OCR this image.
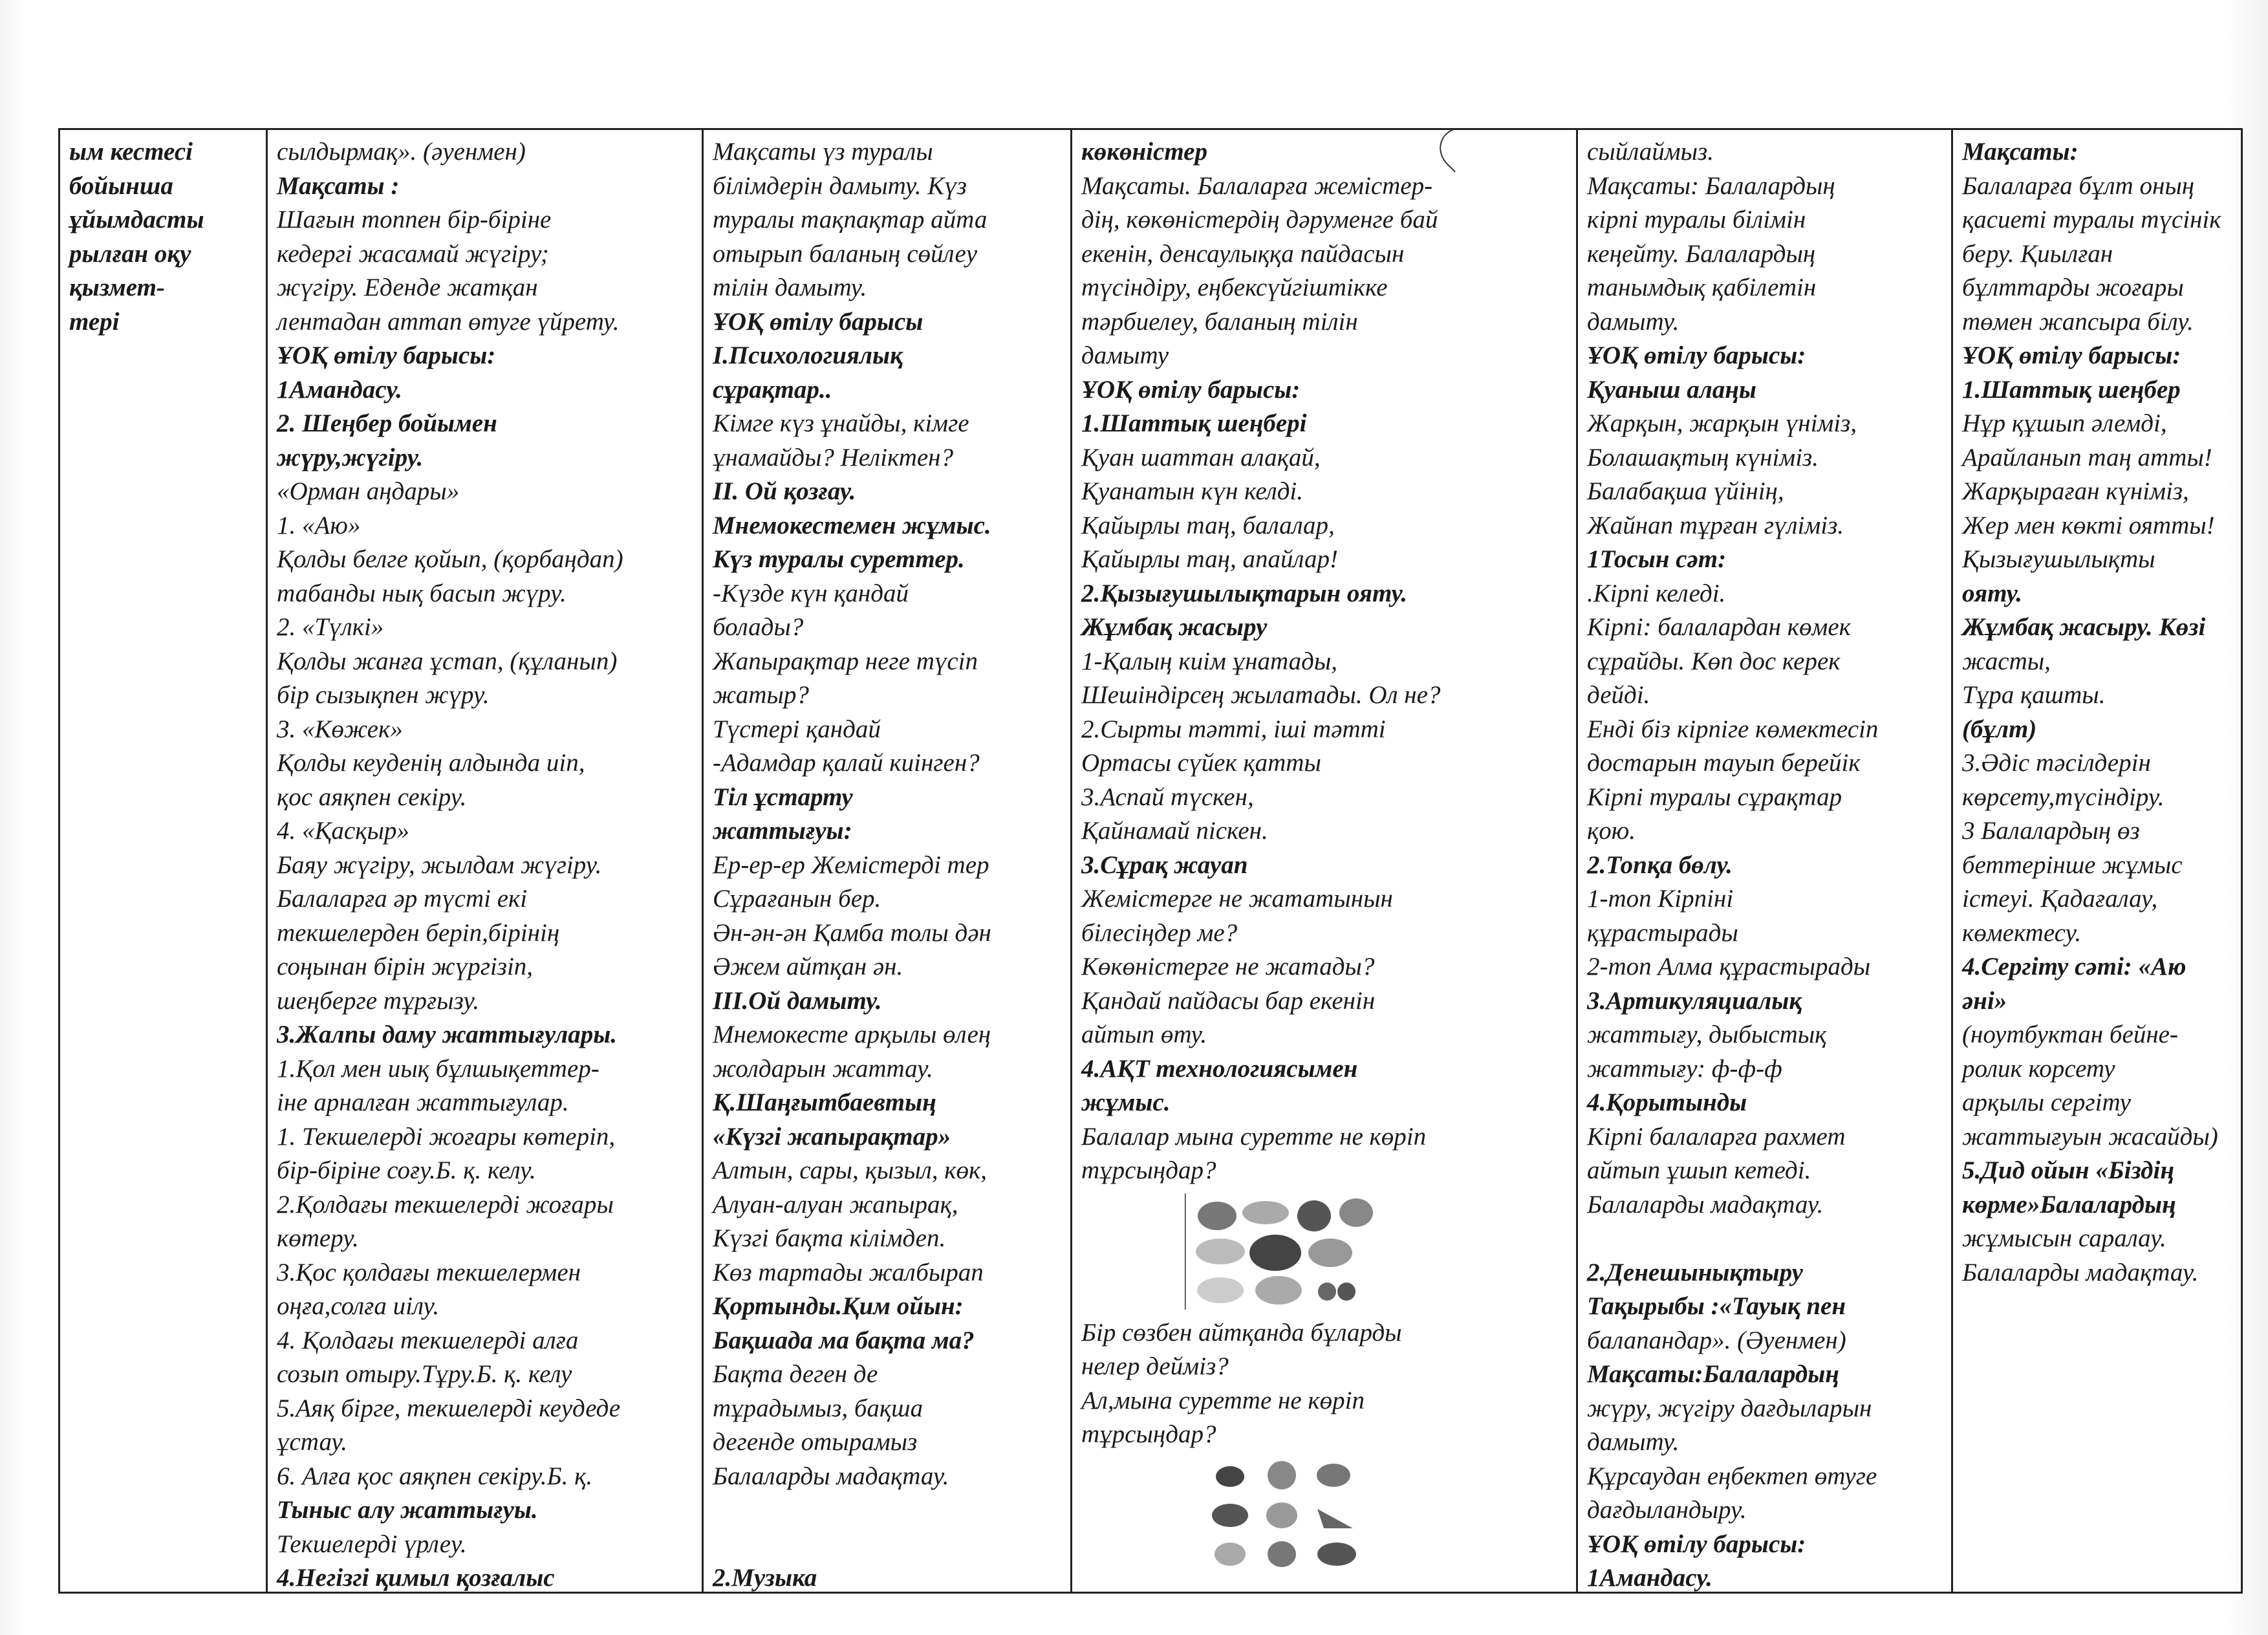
ым кестесі
бойынша
ұйымдасты
рылған оқу
қызмет-
тері
сылдырмақ». (әуенмен)
Мақсаты :
Шағын топпен бір-біріне
кедергі жасамай жүгіру;
жүгіру. Еденде жатқан
лентадан аттап өтуге үйрету.
ҰОҚ өтілу барысы:
1Амандасу.
2. Шеңбер бойымен
жүру,жүгіру.
«Орман аңдары»
1. «Аю»
Қолды белге қойып, (қорбаңдап)
табанды нық басып жүру.
2. «Түлкі»
Қолды жанға ұстап, (құланып)
бір сызықпен жүру.
3. «Көжек»
Қолды кеуденің алдында иіп,
қос аяқпен секіру.
4. «Қасқыр»
Баяу жүгіру, жылдам жүгіру.
Балаларға әр түсті екі
текшелерден беріп,бірінің
соңынан бірін жүргізіп,
шеңберге тұрғызу.
3.Жалпы даму жаттығулары.
1.Қол мен иық бұлшықеттер-
іне арналған жаттығулар.
1. Текшелерді жоғары көтеріп,
бір-біріне соғу.Б. қ. келу.
2.Қолдағы текшелерді жоғары
көтеру.
3.Қос қолдағы текшелермен
оңға,солға иілу.
4. Қолдағы текшелерді алға
созып отыру.Тұру.Б. қ. келу
5.Аяқ бірге, текшелерді кеудеде
ұстау.
6. Алға қос аяқпен секіру.Б. қ.
Тыныс алу жаттығуы.
Текшелерді үрлеу.
4.Негізгі қимыл қозғалыс
Мақсаты үз туралы
білімдерін дамыту. Күз
туралы тақпақтар айта
отырып баланың сөйлеу
тілін дамыту.
ҰОҚ өтілу барысы
І.Психологиялық
сұрақтар..
Кімге күз ұнайды, кімге
ұнамайды? Неліктен?
ІІ. Ой қозғау.
Мнемокестемен жұмыс.
Күз туралы суреттер.
-Күзде күн қандай
болады?
Жапырақтар неге түсіп
жатыр?
Түстері қандай
-Адамдар қалай киінген?
Тіл ұстарту
жаттығуы:
Ер-ер-ер Жемістерді тер
Сұрағанын бер.
Ән-ән-ән Қамба толы дән
Әжем айтқан ән.
ІІІ.Ой дамыту.
Мнемокесте арқылы өлең
жолдарын жаттау.
Қ.Шаңғытбаевтың
«Күзгі жапырақтар»
Алтын, сары, қызыл, көк,
Алуан-алуан жапырақ,
Күзгі бақта кілімдеп.
Көз тартады жалбырап
Қортынды.Қим ойын:
Бақшада ма бақта ма?
Бақта деген де
тұрадымыз, бақша
дегенде отырамыз
Балаларды мадақтау.
2.Музыка
көкөністер
Мақсаты. Балаларға жемістер-
дің, көкөністердің дәруменге бай
екенін, денсаулыққа пайдасын
түсіндіру, еңбексүйгіштікке
тәрбиелеу, баланың тілін
дамыту
ҰОҚ өтілу барысы:
1.Шаттық шеңбері
Қуан шаттан алақай,
Қуанатын күн келді.
Қайырлы таң, балалар,
Қайырлы таң, апайлар!
2.Қызығушылықтарын ояту.
Жұмбақ жасыру
1-Қалың киім ұнатады,
Шешіндірсең жылатады. Ол не?
2.Сырты тәтті, іші тәтті
Ортасы сүйек қатты
3.Аспай түскен,
Қайнамай піскен.
3.Сұрақ жауап
Жемістерге не жататынын
білесіңдер ме?
Көкөністерге не жатады?
Қандай пайдасы бар екенін
айтып өту.
4.АҚТ технологиясымен
жұмыс.
Балалар мына суретте не көріп
тұрсыңдар?
Бір сөзбен айтқанда бұларды
нелер дейміз?
Ал,мына суретте не көріп
тұрсыңдар?
сыйлаймыз.
Мақсаты: Балалардың
кірпі туралы білімін
кеңейту. Балалардың
танымдық қабілетін
дамыту.
ҰОҚ өтілу барысы:
Қуаныш алаңы
Жарқын, жарқын үніміз,
Болашақтың күніміз.
Балабақша үйінің,
Жайнап тұрған гүліміз.
1Тосын сәт:
.Кірпі келеді.
Кірпі: балалардан көмек
сұрайды. Көп дос керек
дейді.
Енді біз кірпіге көмектесіп
достарын тауып берейік
Кірпі туралы сұрақтар
қою.
2.Топқа бөлу.
1-топ Кірпіні
құрастырады
2-топ Алма құрастырады
3.Артикуляциалық
жаттығу, дыбыстық
жаттығу: ф-ф-ф
4.Қорытынды
Кірпі балаларға рахмет
айтып ұшып кетеді.
Балаларды мадақтау.
2.Денешынықтыру
Тақырыбы :«Тауық пен
балапандар». (Әуенмен)
Мақсаты:Балалардың
жүру, жүгіру дағдыларын
дамыту.
Құрсаудан еңбектеп өтуге
дағдыландыру.
ҰОҚ өтілу барысы:
1Амандасу.
Мақсаты:
Балаларға бұлт оның
қасиеті туралы түсінік
беру. Қиылған
бұлттарды жоғары
төмен жапсыра білу.
ҰОҚ өтілу барысы:
1.Шаттық шеңбер
Нұр құшып әлемді,
Арайланып таң атты!
Жарқыраған күніміз,
Жер мен көкті оятты!
Қызығушылықты
ояту.
Жұмбақ жасыру. Көзі
жасты,
Тұра қашты.
(бұлт)
3.Әдіс тәсілдерін
көрсету,түсіндіру.
3 Балалардың өз
беттерінше жұмыс
істеуі. Қадағалау,
көмектесу.
4.Сергіту сәті: «Аю
әні»
(ноутбуктан бейне-
ролик корсету
арқылы сергіту
жаттығуын жасайды)
5.Дид ойын «Біздің
көрме»Балалардың
жұмысын саралау.
Балаларды мадақтау.
